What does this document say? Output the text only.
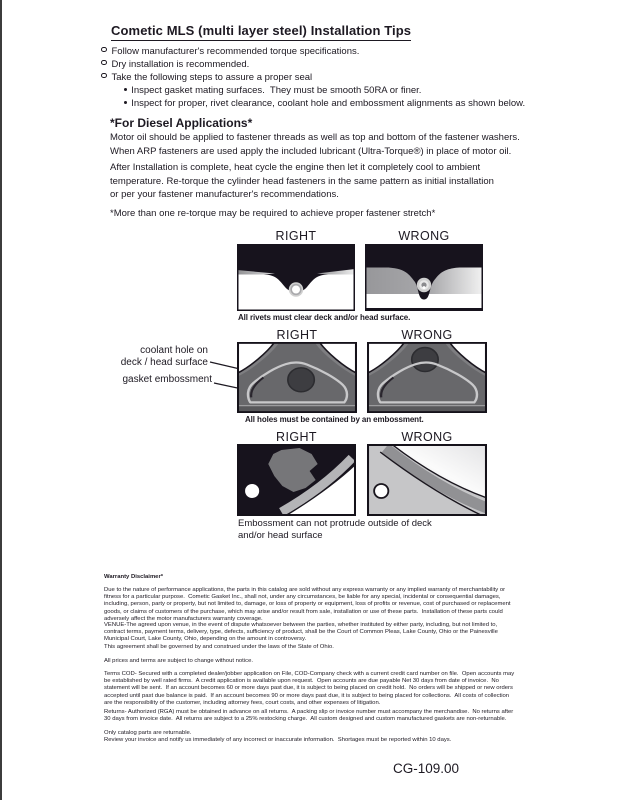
Cometic MLS (multi layer steel) Installation Tips
Follow manufacturer's recommended torque specifications.
Dry installation is recommended.
Take the following steps to assure a proper seal
Inspect gasket mating surfaces.  They must be smooth 50RA or finer.
Inspect for proper, rivet clearance, coolant hole and embossment alignments as shown below.
*For Diesel Applications*

Motor oil should be applied to fastener threads as well as top and bottom of the fastener washers.
When ARP fasteners are used apply the included lubricant (Ultra-Torque®) in place of motor oil.

After Installation is complete, heat cycle the engine then let it completely cool to ambient
temperature. Re-torque the cylinder head fasteners in the same pattern as initial installation
or per your fastener manufacturer's recommendations.

*More than one re-torque may be required to achieve proper fastener stretch*

RIGHT	WRONG
All rivets must clear deck and/or head surface.
RIGHT	WRONG
coolant hole on
deck / head surface
gasket embossment
All holes must be contained by an embossment.
RIGHT	WRONG
Embossment can not protrude outside of deck
and/or head surface
Warranty Disclaimer*

Due to the nature of performance applications, the parts in this catalog are sold without any express warranty or any implied warranty of merchantability or
fitness for a particular purpose.  Cometic Gasket Inc., shall not, under any circumstances, be liable for any special, incidental or consequential damages,
including, person, party or property, but not limited to, damage, or loss of property or equipment, loss of profits or revenue, cost of purchased or replacement
goods, or claims of customers of the purchase, which may arise and/or result from sale, installation or use of these parts.  Installation of these parts could
adversely affect the motor manufacturers warranty coverage.

VENUE-The agreed upon venue, in the event of dispute whatsoever between the parties, whether instituted by either party, including, but not limited to,
contract terms, payment terms, delivery, type, defects, sufficiency of product, shall be the Court of Common Pleas, Lake County, Ohio or the Painesville
Municipal Court, Lake County, Ohio, depending on the amount in controversy.
This agreement shall be governed by and construed under the laws of the State of Ohio.

All prices and terms are subject to change without notice.

Terms COD- Secured with a completed dealer/jobber application on File, COD-Company check with a current credit card number on file.  Open accounts may
be established by well rated firms.  A credit application is available upon request.  Open accounts are due payable Net 30 days from date of invoice.  No
statement will be sent.  If an account becomes 60 or more days past due, it is subject to being placed on credit hold.  No orders will be shipped or new orders
accepted until past due balance is paid.  If an account becomes 90 or more days past due, it is subject to being placed for collections.  All costs of collection
are the responsibility of the customer, including attorney fees, court costs, and other expenses of litigation.

Returns- Authorized (RGA) must be obtained in advance on all returns.  A packing slip or invoice number must accompany the merchandise.  No returns after
30 days from invoice date.  All returns are subject to a 25% restocking charge.  All custom designed and custom manufactured gaskets are non-returnable.

Only catalog parts are returnable.
Review your invoice and notify us immediately of any incorrect or inaccurate information.  Shortages must be reported within 10 days.

CG-109.00
